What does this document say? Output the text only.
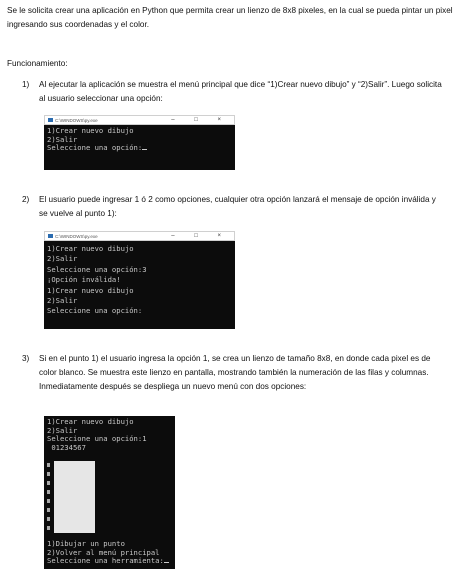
Se le solicita crear una aplicación en Python que permita crear un lienzo de 8x8 pixeles, en la cual se pueda pintar un pixel ingresando sus coordenadas y el color.
Funcionamiento:
1) Al ejecutar la aplicación se muestra el menú principal que dice “1)Crear nuevo dibujo” y “2)Salir”. Luego solicita al usuario seleccionar una opción:
C:\WINDOWS\py.exe	– □ ×
1)Crear nuevo dibujo
2)Salir
Seleccione una opción:
2) El usuario puede ingresar 1 ó 2 como opciones, cualquier otra opción lanzará el mensaje de opción inválida y se vuelve al punto 1):
C:\WINDOWS\py.exe	– □ ×
1)Crear nuevo dibujo
2)Salir
Seleccione una opción:3
¡Opción inválida!
1)Crear nuevo dibujo
2)Salir
Seleccione una opción:
3) Si en el punto 1) el usuario ingresa la opción 1, se crea un lienzo de tamaño 8x8, en donde cada pixel es de color blanco. Se muestra este lienzo en pantalla, mostrando también la numeración de las filas y columnas. Inmediatamente después se despliega un nuevo menú con dos opciones:
1)Crear nuevo dibujo
2)Salir
Seleccione una opción:1
01234567
1)Dibujar un punto
2)Volver al menú principal
Seleccione una herramienta:
